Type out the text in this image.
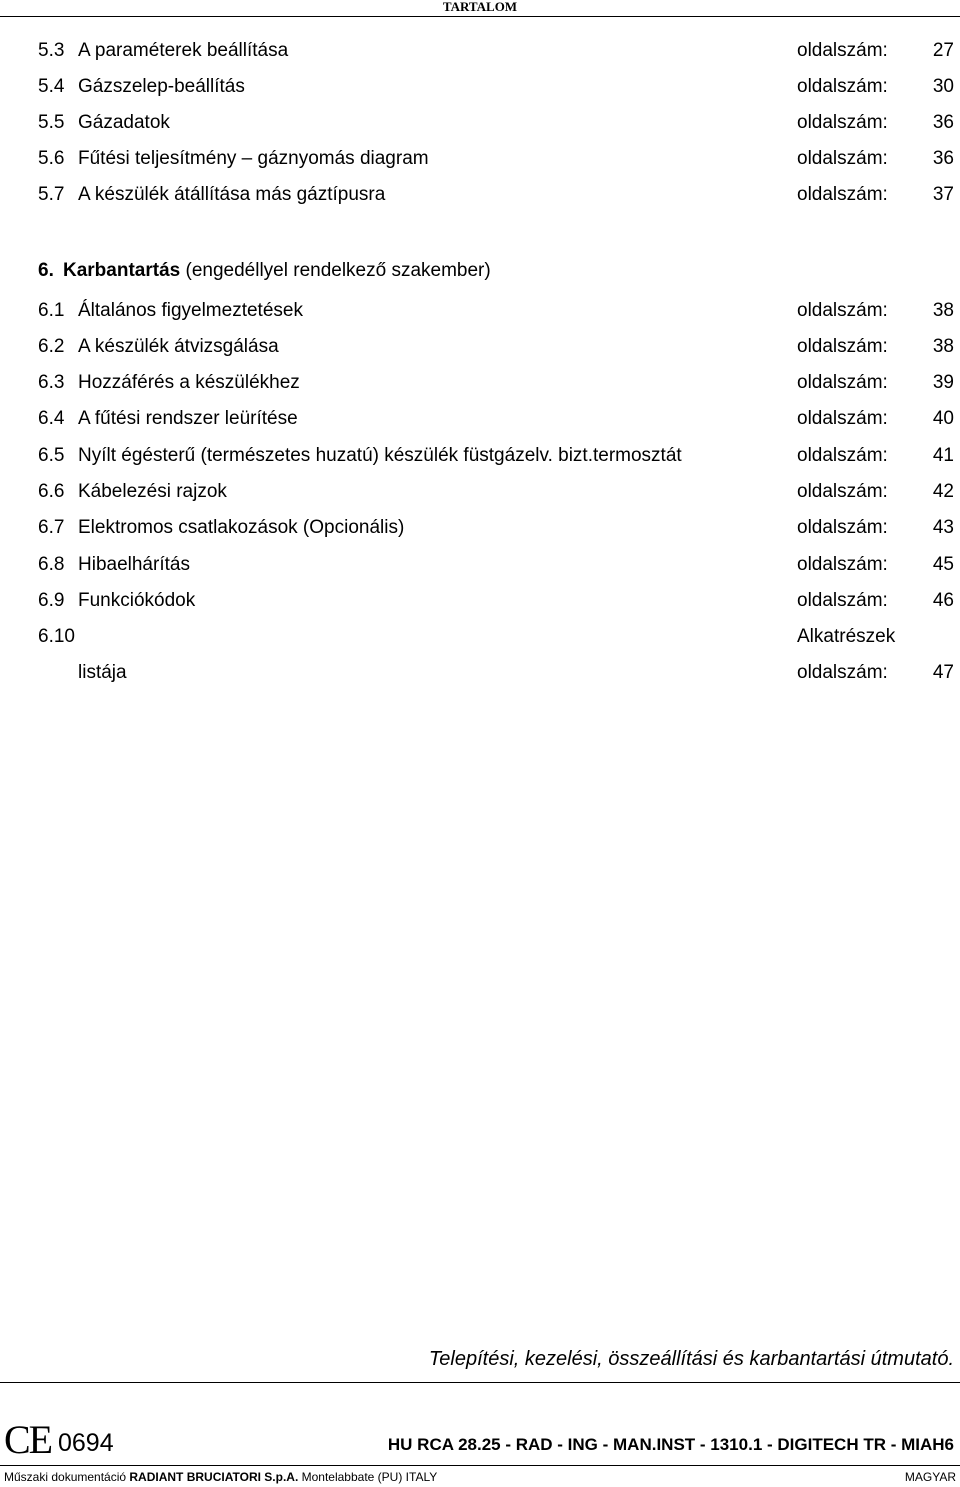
TARTALOM
5.3 A paraméterek beállítása	oldalszám: 27
5.4 Gázszelep-beállítás	oldalszám: 30
5.5 Gázadatok	oldalszám: 36
5.6 Fűtési teljesítmény – gáznyomás diagram	oldalszám: 36
5.7 A készülék átállítása más gáztípusra	oldalszám: 37
6. Karbantartás (engedéllyel rendelkező szakember)
6.1 Általános figyelmeztetések	oldalszám: 38
6.2 A készülék átvizsgálása	oldalszám: 38
6.3 Hozzáférés a készülékhez	oldalszám: 39
6.4 A fűtési rendszer leürítése	oldalszám: 40
6.5 Nyílt égésterű (természetes huzatú) készülék füstgázelv. bizt.termosztát	oldalszám: 41
6.6 Kábelezési rajzok	oldalszám: 42
6.7 Elektromos csatlakozások (Opcionális)	oldalszám: 43
6.8 Hibaelhárítás	oldalszám: 45
6.9 Funkciókódok	oldalszám: 46
6.10	Alkatrészek
listája	oldalszám: 47
Telepítési, kezelési, összeállítási és karbantartási útmutató.
CE 0694	HU RCA 28.25 - RAD - ING - MAN.INST - 1310.1 - DIGITECH TR - MIAH6
Műszaki dokumentáció RADIANT BRUCIATORI S.p.A. Montelabbate (PU) ITALY	MAGYAR
